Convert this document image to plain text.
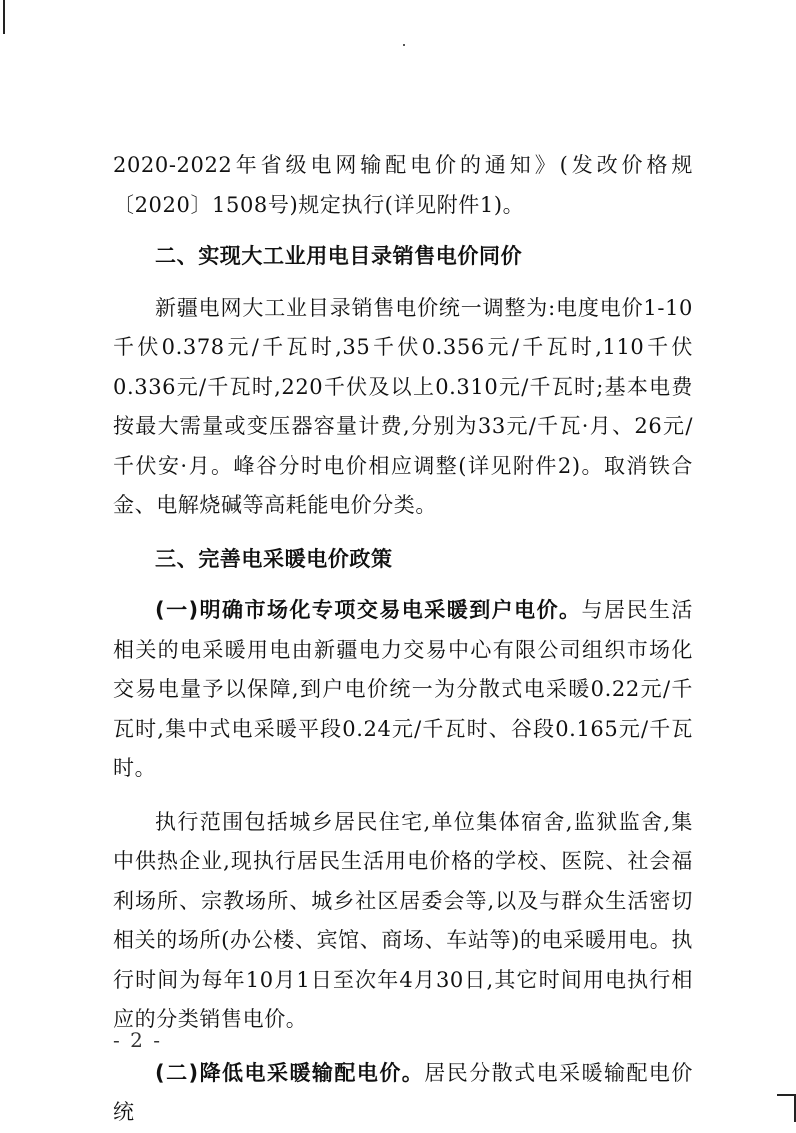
2020-2022年省级电网输配电价的通知》(发改价格规〔2020〕1508号)规定执行(详见附件1)。

二、实现大工业用电目录销售电价同价

新疆电网大工业目录销售电价统一调整为:电度电价1-10千伏0.378元/千瓦时,35千伏0.356元/千瓦时,110千伏0.336元/千瓦时,220千伏及以上0.310元/千瓦时;基本电费按最大需量或变压器容量计费,分别为33元/千瓦·月、26元/千伏安·月。峰谷分时电价相应调整(详见附件2)。取消铁合金、电解烧碱等高耗能电价分类。

三、完善电采暖电价政策

(一)明确市场化专项交易电采暖到户电价。与居民生活相关的电采暖用电由新疆电力交易中心有限公司组织市场化交易电量予以保障,到户电价统一为分散式电采暖0.22元/千瓦时,集中式电采暖平段0.24元/千瓦时、谷段0.165元/千瓦时。

执行范围包括城乡居民住宅,单位集体宿舍,监狱监舍,集中供热企业,现执行居民生活用电价格的学校、医院、社会福利场所、宗教场所、城乡社区居委会等,以及与群众生活密切相关的场所(办公楼、宾馆、商场、车站等)的电采暖用电。执行时间为每年10月1日至次年4月30日,其它时间用电执行相应的分类销售电价。

(二)降低电采暖输配电价。居民分散式电采暖输配电价统

- 2 -
